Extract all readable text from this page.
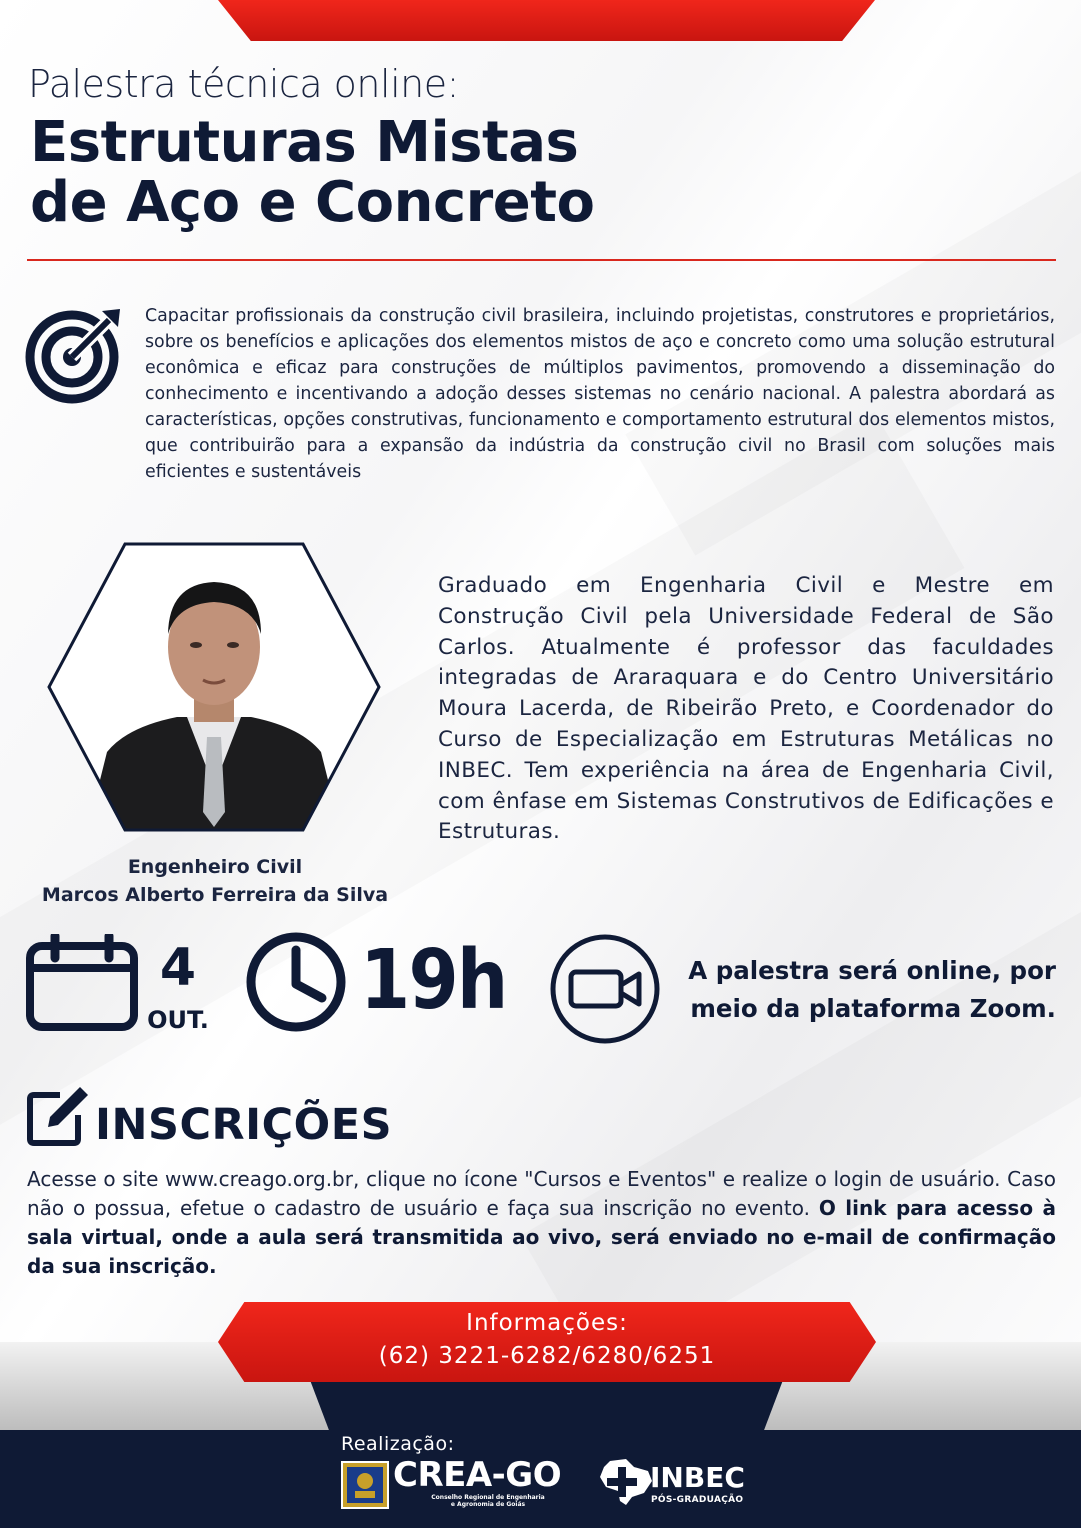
Palestra técnica online:
Estruturas Mistas
de Aço e Concreto
Capacitar profissionais da construção civil brasileira, incluindo projetistas, construtores e proprietários, sobre os benefícios e aplicações dos elementos mistos de aço e concreto como uma solução estrutural econômica e eficaz para construções de múltiplos pavimentos, promovendo a disseminação do conhecimento e incentivando a adoção desses sistemas no cenário nacional. A palestra abordará as características, opções construtivas, funcionamento e comportamento estrutural dos elementos mistos, que contribuirão para a expansão da indústria da construção civil no Brasil com soluções mais eficientes e sustentáveis
Engenheiro Civil
Marcos Alberto Ferreira da Silva
Graduado em Engenharia Civil e Mestre em Construção Civil pela Universidade Federal de São Carlos. Atualmente é professor das faculdades integradas de Araraquara e do Centro Universitário Moura Lacerda, de Ribeirão Preto, e Coordenador do Curso de Especialização em Estruturas Metálicas no INBEC. Tem experiência na área de Engenharia Civil, com ênfase em Sistemas Construtivos de Edificações e Estruturas.
4
OUT. 19h	A palestra será online, por
meio da plataforma Zoom.
INSCRIÇÕES
Acesse o site www.creago.org.br, clique no ícone "Cursos e Eventos" e realize o login de usuário. Caso não o possua, efetue o cadastro de usuário e faça sua inscrição no evento. O link para acesso à sala virtual, onde a aula será transmitida ao vivo, será enviado no e-mail de confirmação da sua inscrição.
Informações:
(62) 3221-6282/6280/6251
Realização:
CREA-GO
Conselho Regional de Engenharia
e Agronomia de Goiás
INBEC
PÓS-GRADUAÇÃO
